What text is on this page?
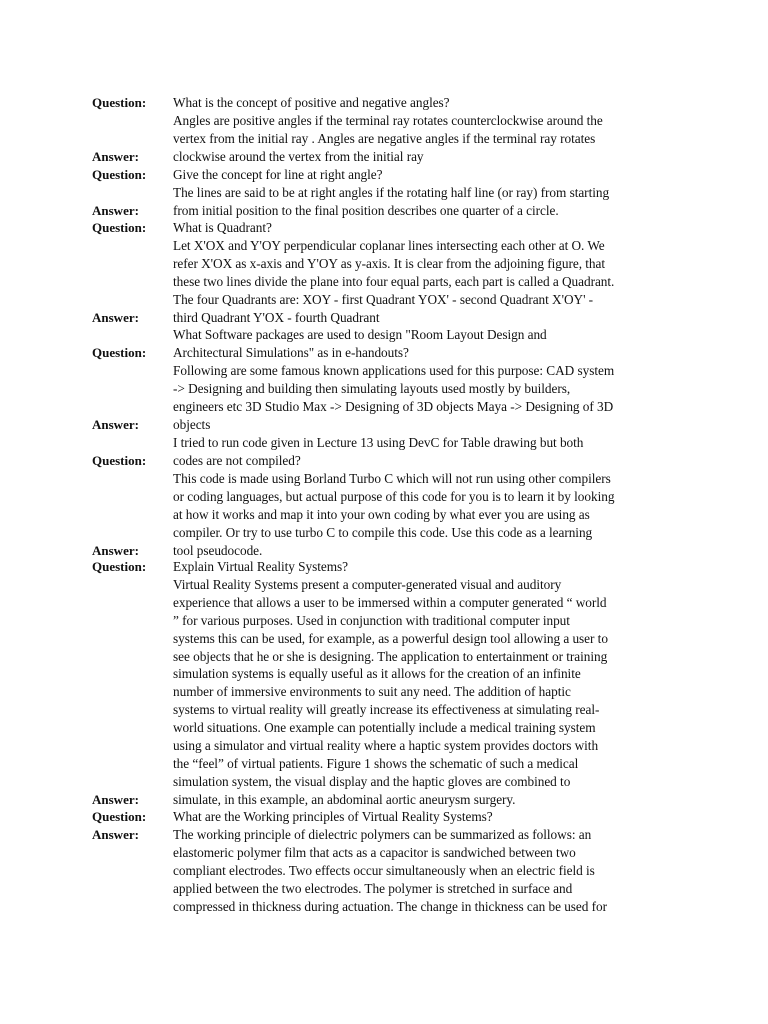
Question:	What is the concept of positive and negative angles?
Answer:
Angles are positive angles if the terminal ray rotates counterclockwise around the
vertex from the initial ray . Angles are negative angles if the terminal ray rotates
clockwise around the vertex from the initial ray
Question:	Give the concept for line at right angle?
Answer:
The lines are said to be at right angles if the rotating half line (or ray) from starting
from initial position to the final position describes one quarter of a circle.
Question:	What is Quadrant?
Answer:
Let X'OX and Y'OY perpendicular coplanar lines intersecting each other at O. We
refer X'OX as x-axis and Y'OY as y-axis. It is clear from the adjoining figure, that
these two lines divide the plane into four equal parts, each part is called a Quadrant.
The four Quadrants are: XOY - first Quadrant YOX' - second Quadrant X'OY' -
third Quadrant Y'OX - fourth Quadrant
Question:
What Software packages are used to design "Room Layout Design and
Architectural Simulations" as in e-handouts?
Answer:
Following are some famous known applications used for this purpose: CAD system
-> Designing and building then simulating layouts used mostly by builders,
engineers etc 3D Studio Max -> Designing of 3D objects Maya -> Designing of 3D
objects
Question:
I tried to run code given in Lecture 13 using DevC for Table drawing but both
codes are not compiled?
Answer:
This code is made using Borland Turbo C which will not run using other compilers
or coding languages, but actual purpose of this code for you is to learn it by looking
at how it works and map it into your own coding by what ever you are using as
compiler. Or try to use turbo C to compile this code. Use this code as a learning
tool pseudocode.
Question:	Explain Virtual Reality Systems?
Answer:
Virtual Reality Systems present a computer-generated visual and auditory
experience that allows a user to be immersed within a computer generated “ world
” for various purposes. Used in conjunction with traditional computer input
systems this can be used, for example, as a powerful design tool allowing a user to
see objects that he or she is designing. The application to entertainment or training
simulation systems is equally useful as it allows for the creation of an infinite
number of immersive environments to suit any need. The addition of haptic
systems to virtual reality will greatly increase its effectiveness at simulating real-
world situations. One example can potentially include a medical training system
using a simulator and virtual reality where a haptic system provides doctors with
the “feel” of virtual patients. Figure 1 shows the schematic of such a medical
simulation system, the visual display and the haptic gloves are combined to
simulate, in this example, an abdominal aortic aneurysm surgery.
Question:	What are the Working principles of Virtual Reality Systems?
Answer:	The working principle of dielectric polymers can be summarized as follows: an
elastomeric polymer film that acts as a capacitor is sandwiched between two
compliant electrodes. Two effects occur simultaneously when an electric field is
applied between the two electrodes. The polymer is stretched in surface and
compressed in thickness during actuation. The change in thickness can be used for
